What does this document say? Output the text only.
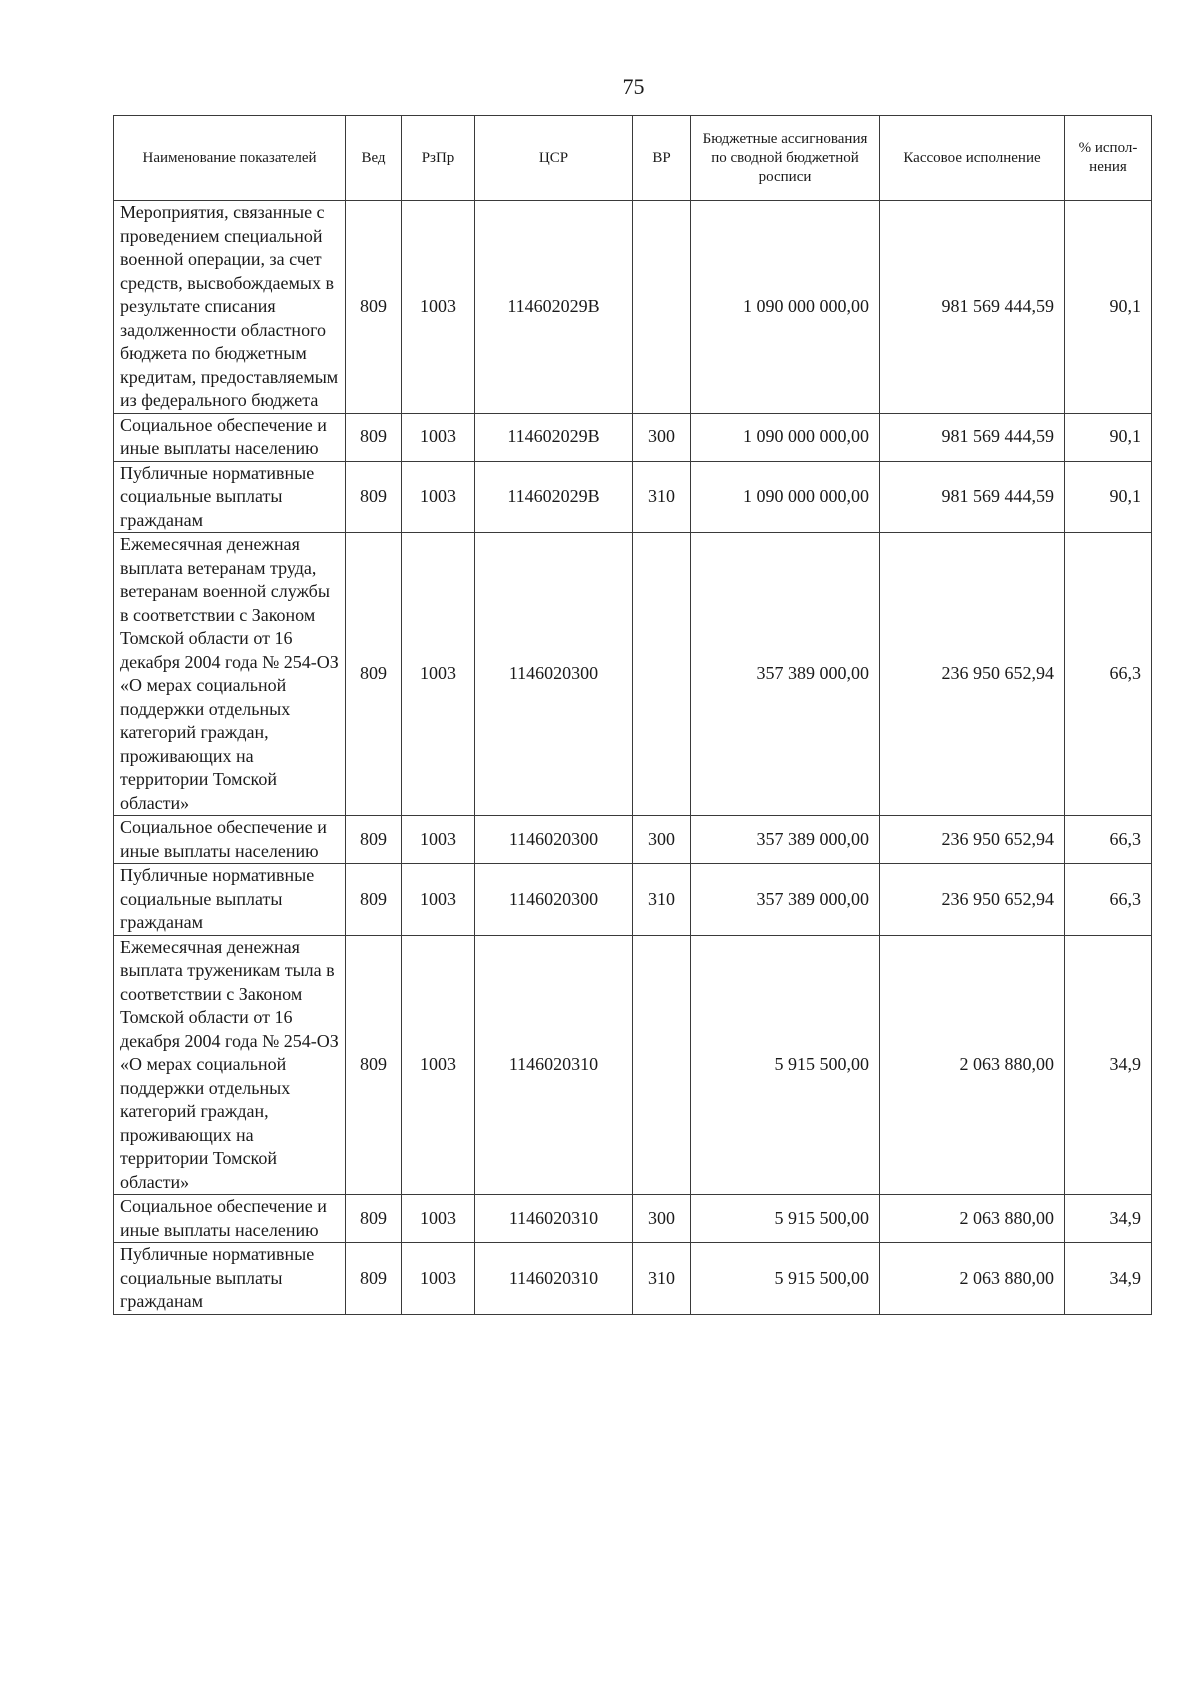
75
Наименование показателей	Вед	РзПр	ЦСР	ВР	Бюджетные ассигнования по сводной бюджетной росписи	Кассовое исполнение	% испол-нения
Мероприятия, связанные с проведением специальной военной операции, за счет средств, высвобождаемых в результате списания задолженности областного бюджета по бюджетным кредитам, предоставляемым из федерального бюджета	809	1003	114602029В		1 090 000 000,00	981 569 444,59	90,1
Социальное обеспечение и иные выплаты населению	809	1003	114602029В	300	1 090 000 000,00	981 569 444,59	90,1
Публичные нормативные социальные выплаты гражданам	809	1003	114602029В	310	1 090 000 000,00	981 569 444,59	90,1
Ежемесячная денежная выплата ветеранам труда, ветеранам военной службы в соответствии с Законом Томской области от 16 декабря 2004 года № 254-ОЗ «О мерах социальной поддержки отдельных категорий граждан, проживающих на территории Томской области»	809	1003	1146020300		357 389 000,00	236 950 652,94	66,3
Социальное обеспечение и иные выплаты населению	809	1003	1146020300	300	357 389 000,00	236 950 652,94	66,3
Публичные нормативные социальные выплаты гражданам	809	1003	1146020300	310	357 389 000,00	236 950 652,94	66,3
Ежемесячная денежная выплата труженикам тыла в соответствии с Законом Томской области от 16 декабря 2004 года № 254-ОЗ «О мерах социальной поддержки отдельных категорий граждан, проживающих на территории Томской области»	809	1003	1146020310		5 915 500,00	2 063 880,00	34,9
Социальное обеспечение и иные выплаты населению	809	1003	1146020310	300	5 915 500,00	2 063 880,00	34,9
Публичные нормативные социальные выплаты гражданам	809	1003	1146020310	310	5 915 500,00	2 063 880,00	34,9
